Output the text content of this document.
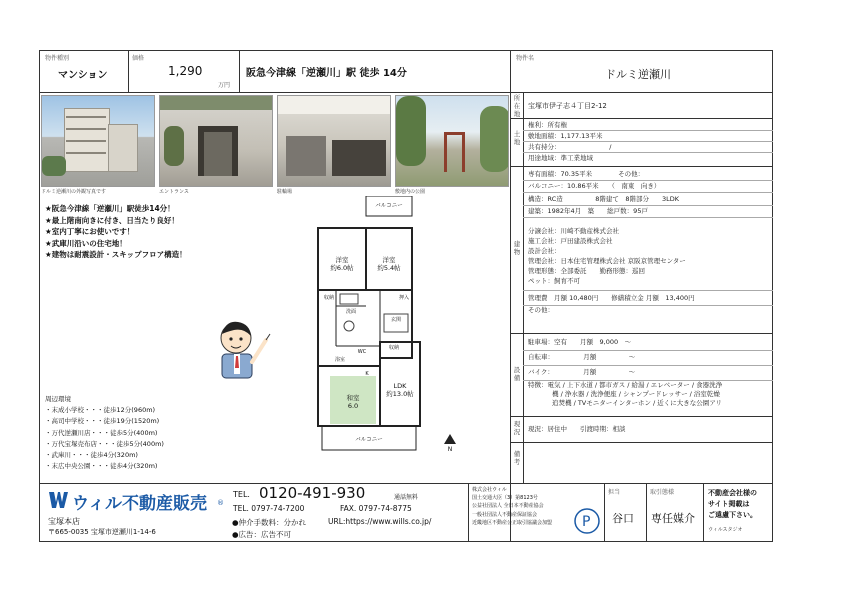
物件種別
マンション
価格
1,290
万円
阪急今津線「逆瀬川」駅 徒歩 14分
物件名
ドルミ逆瀬川
ドルミ逆瀬川の外観写真です	エントランス	駐輪場	敷地内の公園
★阪急今津線「逆瀬川」駅徒歩14分！
★最上階南向きに付き、日当たり良好！
★室内丁寧にお使いです！
★武庫川沿いの住宅地！
★建物は耐震設計・スキップフロア構造！
周辺環境
・末成小学校・・・徒歩12分(960m)
・高司中学校・・・徒歩19分(1520m)
・万代逆瀬川店・・・徒歩5分(400m)
・万代宝塚売布店・・・徒歩5分(400m)
・武庫川・・・徒歩4分(320m)
・末広中央公園・・・徒歩4分(320m)
洋室
約6.0帖
洋室
約5.4帖
バルコニー
収納	押入
洗面
浴室
WC
玄関
収納
K
LDK
約13.0帖
和室
6.0
バルコニー
N
所在地
宝塚市伊孑志４丁目2-12
土地
権利：所有権
敷地面積：1,177.13平米
共有持分：　　　　　　　　/
用途地域：準工業地域
建物
専有面積：70.35平米　　　　その他：
バルコニー：10.86平米　　（　南東　向き）
構造：RC造　　　　　8階建て　8階部分　　3LDK
建築：1982年4月　築　　総戸数：95戸
分譲会社：川崎不動産株式会社
施工会社：戸田建設株式会社
設計会社：
管理会社：日本住宅管理株式会社 京阪京管理センター
管理形態：全部委託　　勤務形態：巡回
ペット：飼育不可
管理費　月額 10,480円　　修繕積立金 月額　13,400円
その他：
設備
駐車場：空有　　月額　9,000　～
自転車：　　　　　月額　　　　　～
バイク：　　　　　月額　　　　　～
特徴：電気 / 上下水道 / 都市ガス / 給湯 / エレベーター / 食器洗浄
機 / 浄水器 / 洗浄便座 / シャンプードレッサー / 浴室乾燥
追焚機 / TVモニターインターホン / 近くに大きな公園アリ
現況 現況：居住中　　引渡時期：相談
備考
ウィル不動産販売 ®
TEL. 0120-491-930	通話無料
TEL. 0797-74-7200	FAX. 0797-74-8775
宝塚本店
〒665-0035 宝塚市逆瀬川1-14-6
●仲介手数料：分かれ
●広告：広告不可
URL:https://www.wills.co.jp/
株式会社ウィル
国土交通大臣（3）第8123号
公益社団法人 全日本不動産協会
一般社団法人不動産保証協会
近畿地区不動産公正取引協議会加盟 P
担当
谷口
取引態様
専任媒介
不動産会社様の
サイト掲載は
ご遠慮下さい。
ウィルスタジオ
